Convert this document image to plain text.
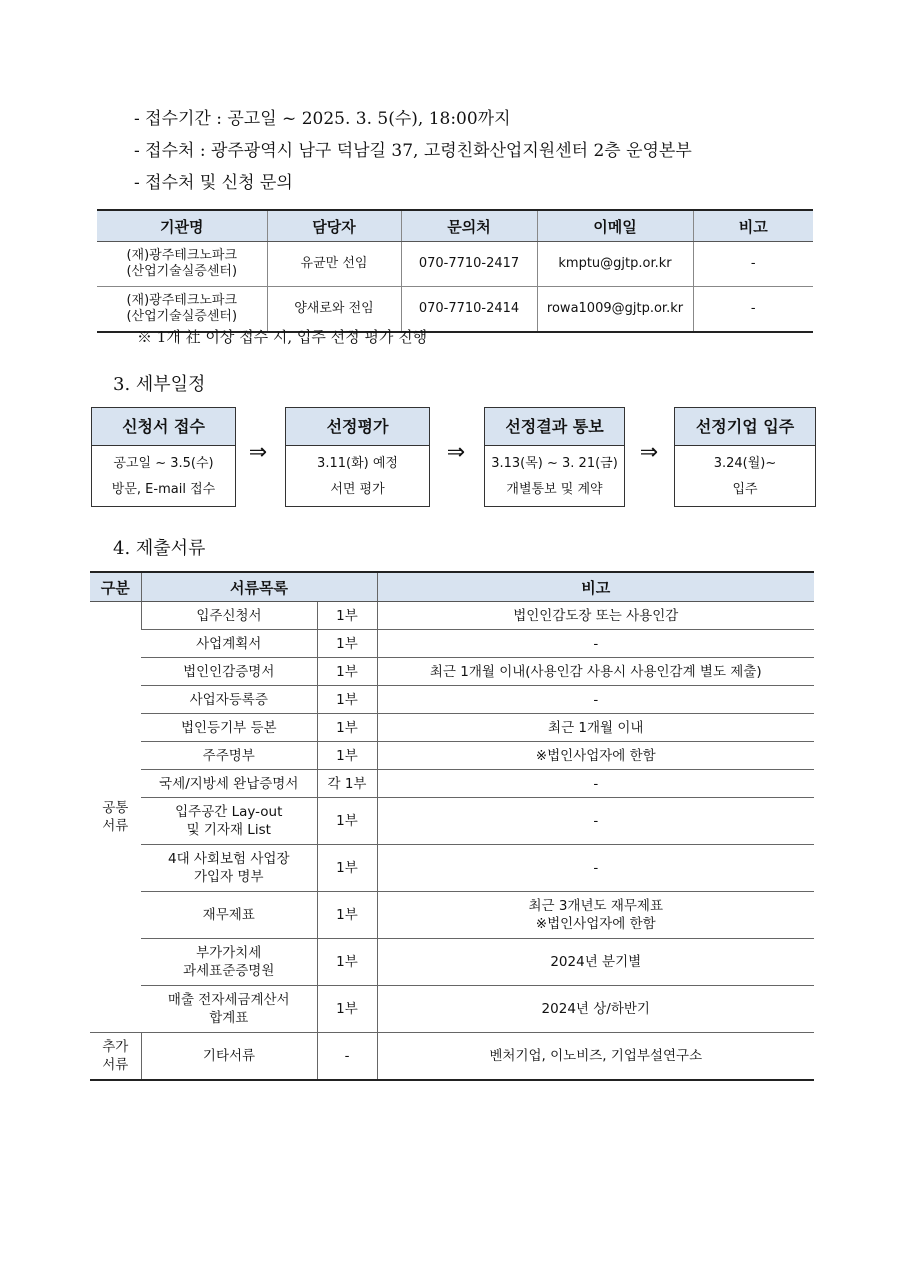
- 접수기간 : 공고일 ~ 2025. 3. 5(수), 18:00까지
- 접수처 : 광주광역시 남구 덕남길 37, 고령친화산업지원센터 2층 운영본부
- 접수처 및 신청 문의
기관명	담당자	문의처	이메일	비고

(재)광주테크노파크
(산업기술실증센터)	유균만 선임	070-7710-2417	kmptu@gjtp.or.kr	-

(재)광주테크노파크
(산업기술실증센터)	양새로와 전임	070-7710-2414	rowa1009@gjtp.or.kr	-
※ 1개 社 이상 접수 시, 입주 선정 평가 진행
3. 세부일정
신청서 접수
공고일 ~ 3.5(수)
방문, E-mail 접수
⇒
선정평가
3.11(화) 예정
서면 평가
⇒
선정결과 통보
3.13(목) ~ 3. 21(금)
개별통보 및 계약
⇒
선정기업 입주
3.24(월)~
입주
4. 제출서류
구분	서류목록		비고

공통
서류	입주신청서	1부	법인인감도장 또는 사용인감
	사업계획서	1부	-
	법인인감증명서	1부	최근 1개월 이내(사용인감 사용시 사용인감계 별도 제출)
	사업자등록증	1부	-
	법인등기부 등본	1부	최근 1개월 이내
	주주명부	1부	※법인사업자에 한함
	국세/지방세 완납증명서	각 1부	-

	입주공간 Lay-out
및 기자재 List	1부	-

	4대 사회보험 사업장
가입자 명부	1부	-
	재무제표	1부	최근 3개년도 재무제표
※법인사업자에 한함

	부가가치세
과세표준증명원	1부	2024년 분기별

	매출 전자세금계산서
합계표	1부	2024년 상/하반기

추가
서류	기타서류	-	벤처기업, 이노비즈, 기업부설연구소
